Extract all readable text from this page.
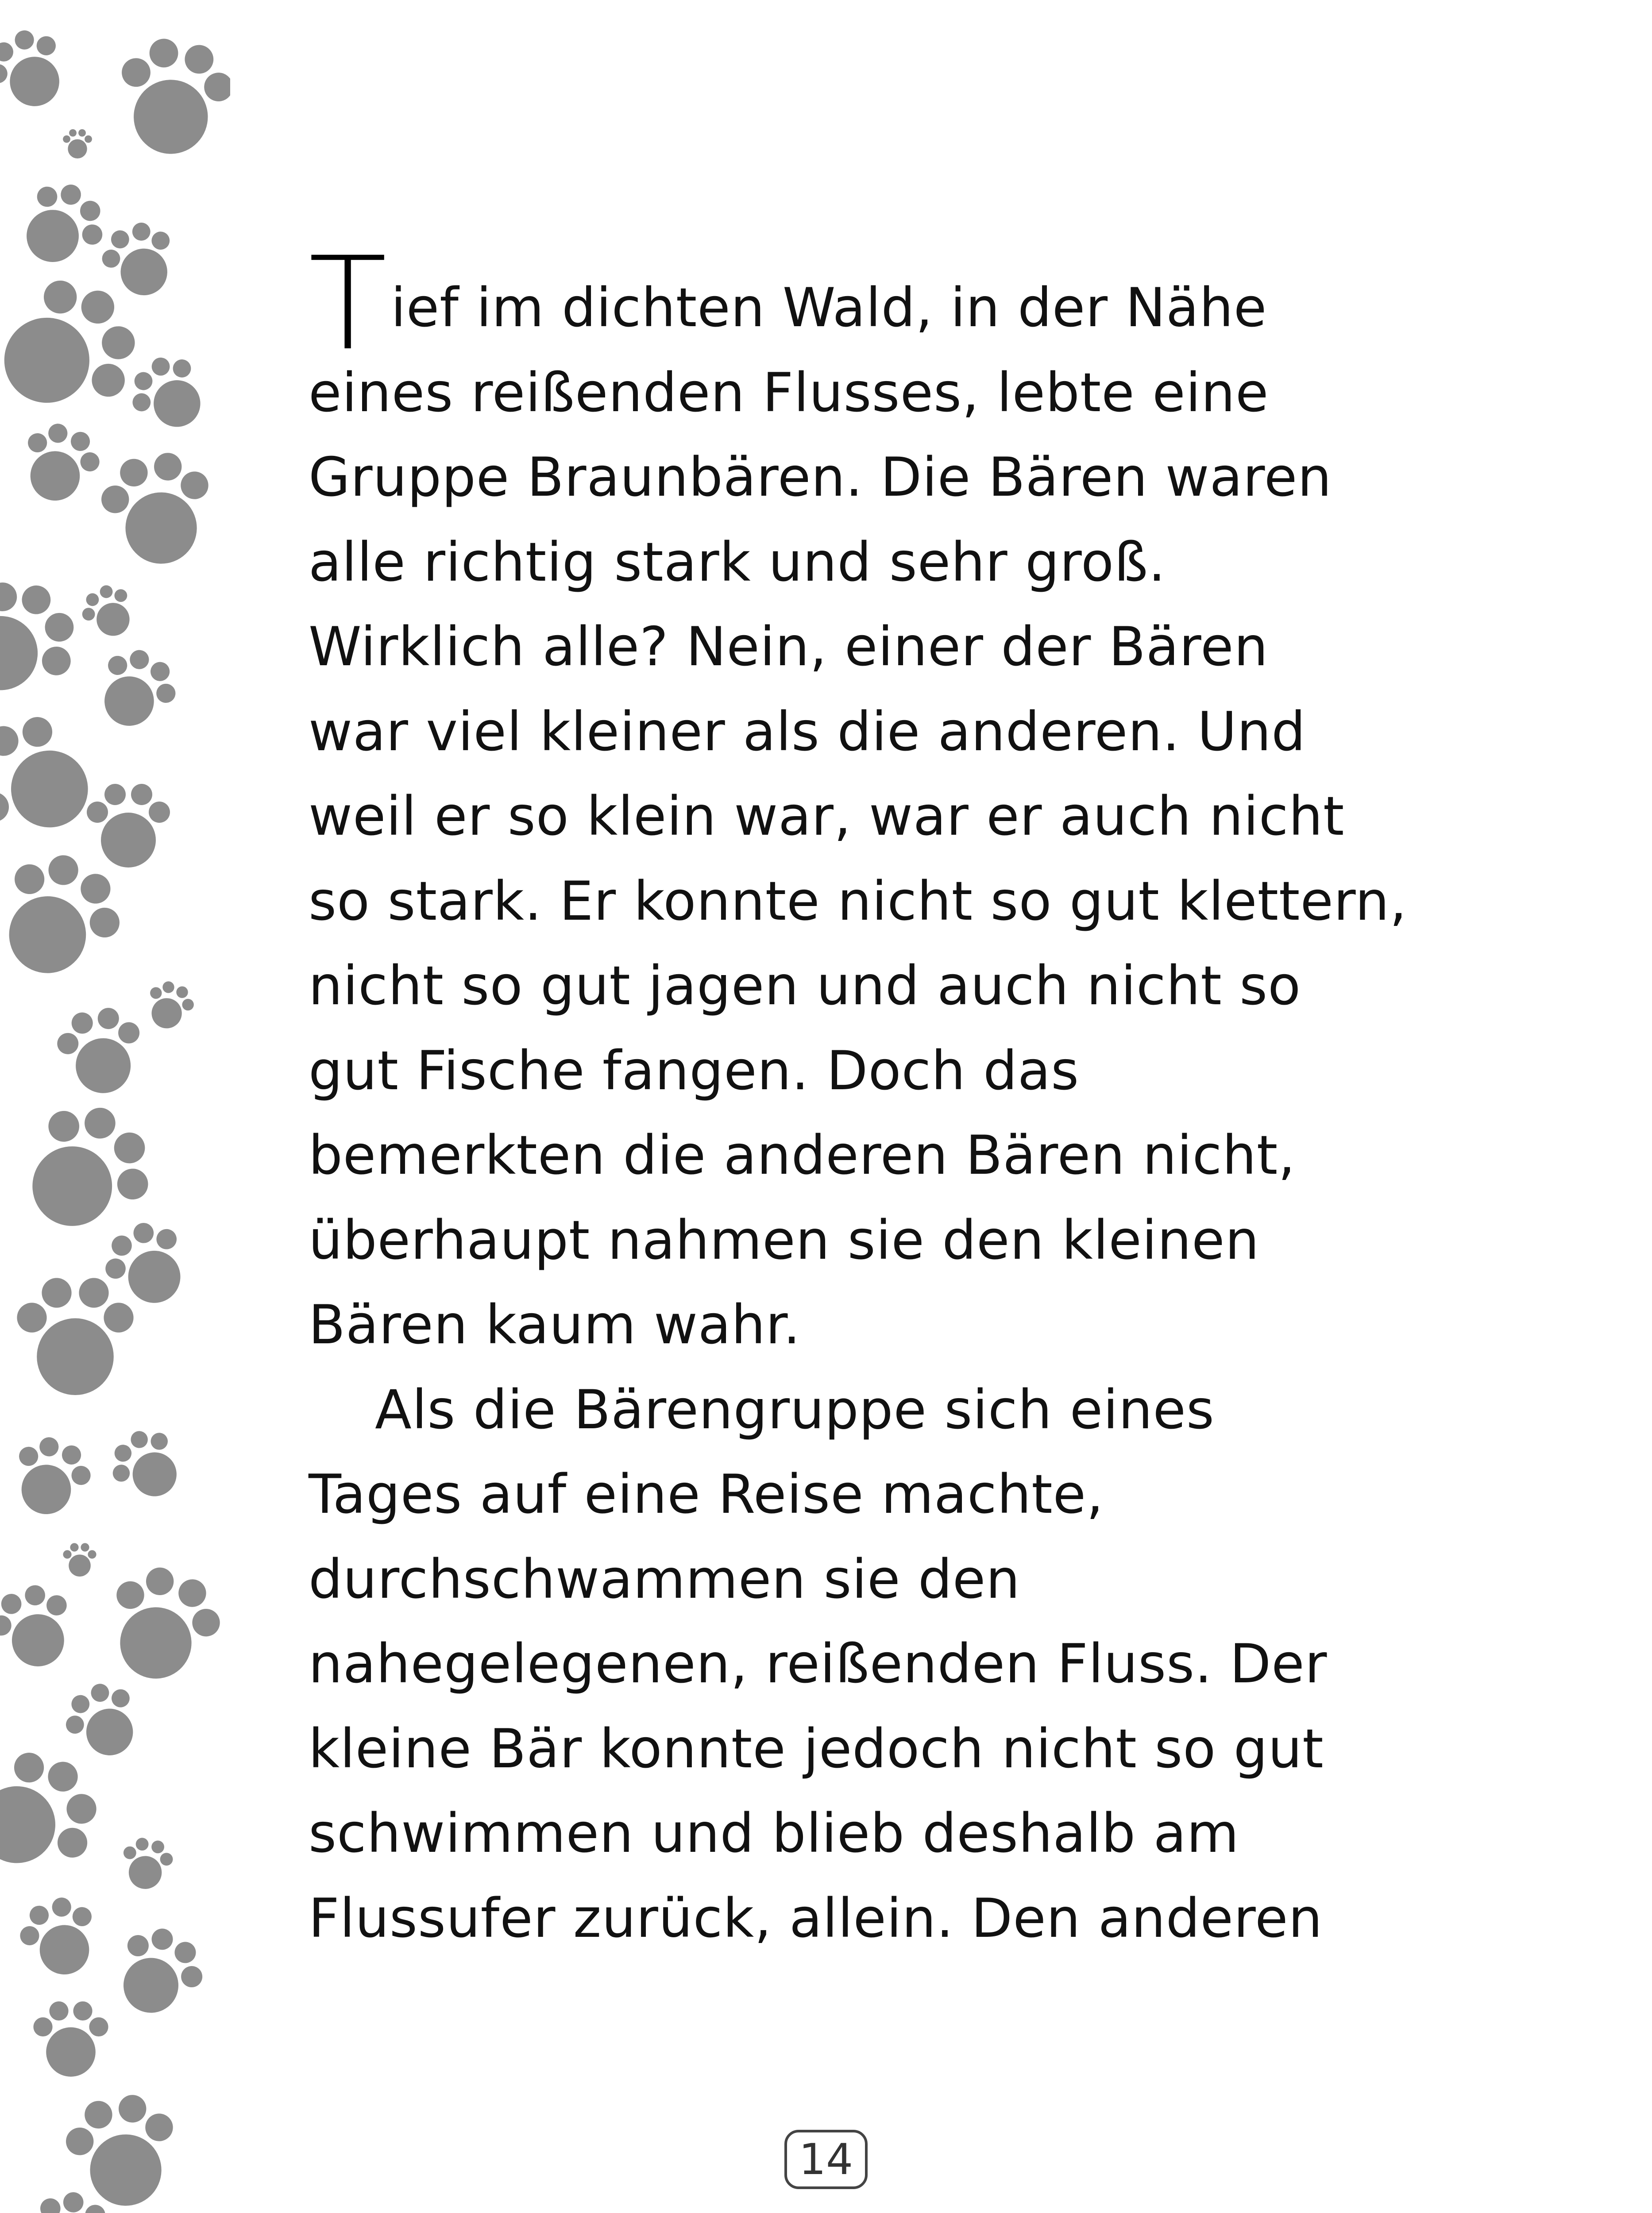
Tief im dichten Wald, in der Nähe
eines reißenden Flusses, lebte eine
Gruppe Braunbären. Die Bären waren
alle richtig stark und sehr groß.
Wirklich alle? Nein, einer der Bären
war viel kleiner als die anderen. Und
weil er so klein war, war er auch nicht
so stark. Er konnte nicht so gut klettern,
nicht so gut jagen und auch nicht so
gut Fische fangen. Doch das
bemerkten die anderen Bären nicht,
überhaupt nahmen sie den kleinen
Bären kaum wahr.
Als die Bärengruppe sich eines
Tages auf eine Reise machte,
durchschwammen sie den
nahegelegenen, reißenden Fluss. Der
kleine Bär konnte jedoch nicht so gut
schwimmen und blieb deshalb am
Flussufer zurück, allein. Den anderen
14
